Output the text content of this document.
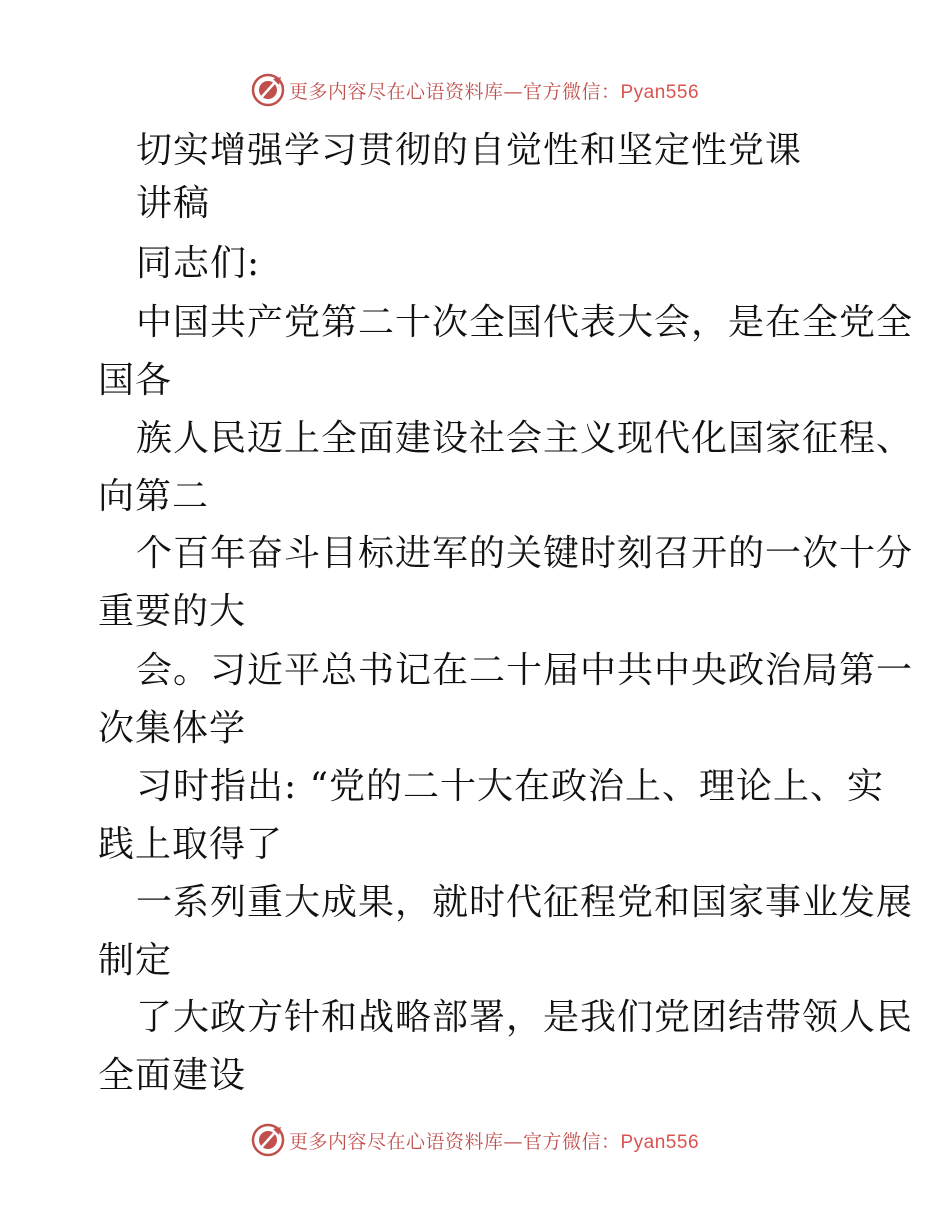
更多内容尽在心语资料库—官方微信：Pyan556
切实增强学习贯彻的自觉性和坚定性党课
讲稿
同志们:
中国共产党第二十次全国代表大会，是在全党全
国各
族人民迈上全面建设社会主义现代化国家征程、
向第二
个百年奋斗目标进军的关键时刻召开的一次十分
重要的大
会。习近平总书记在二十届中共中央政治局第一
次集体学
习时指出: “党的二十大在政治上、理论上、实
践上取得了
一系列重大成果，就时代征程党和国家事业发展
制定
了大政方针和战略部署，是我们党团结带领人民
全面建设
更多内容尽在心语资料库—官方微信：Pyan556
